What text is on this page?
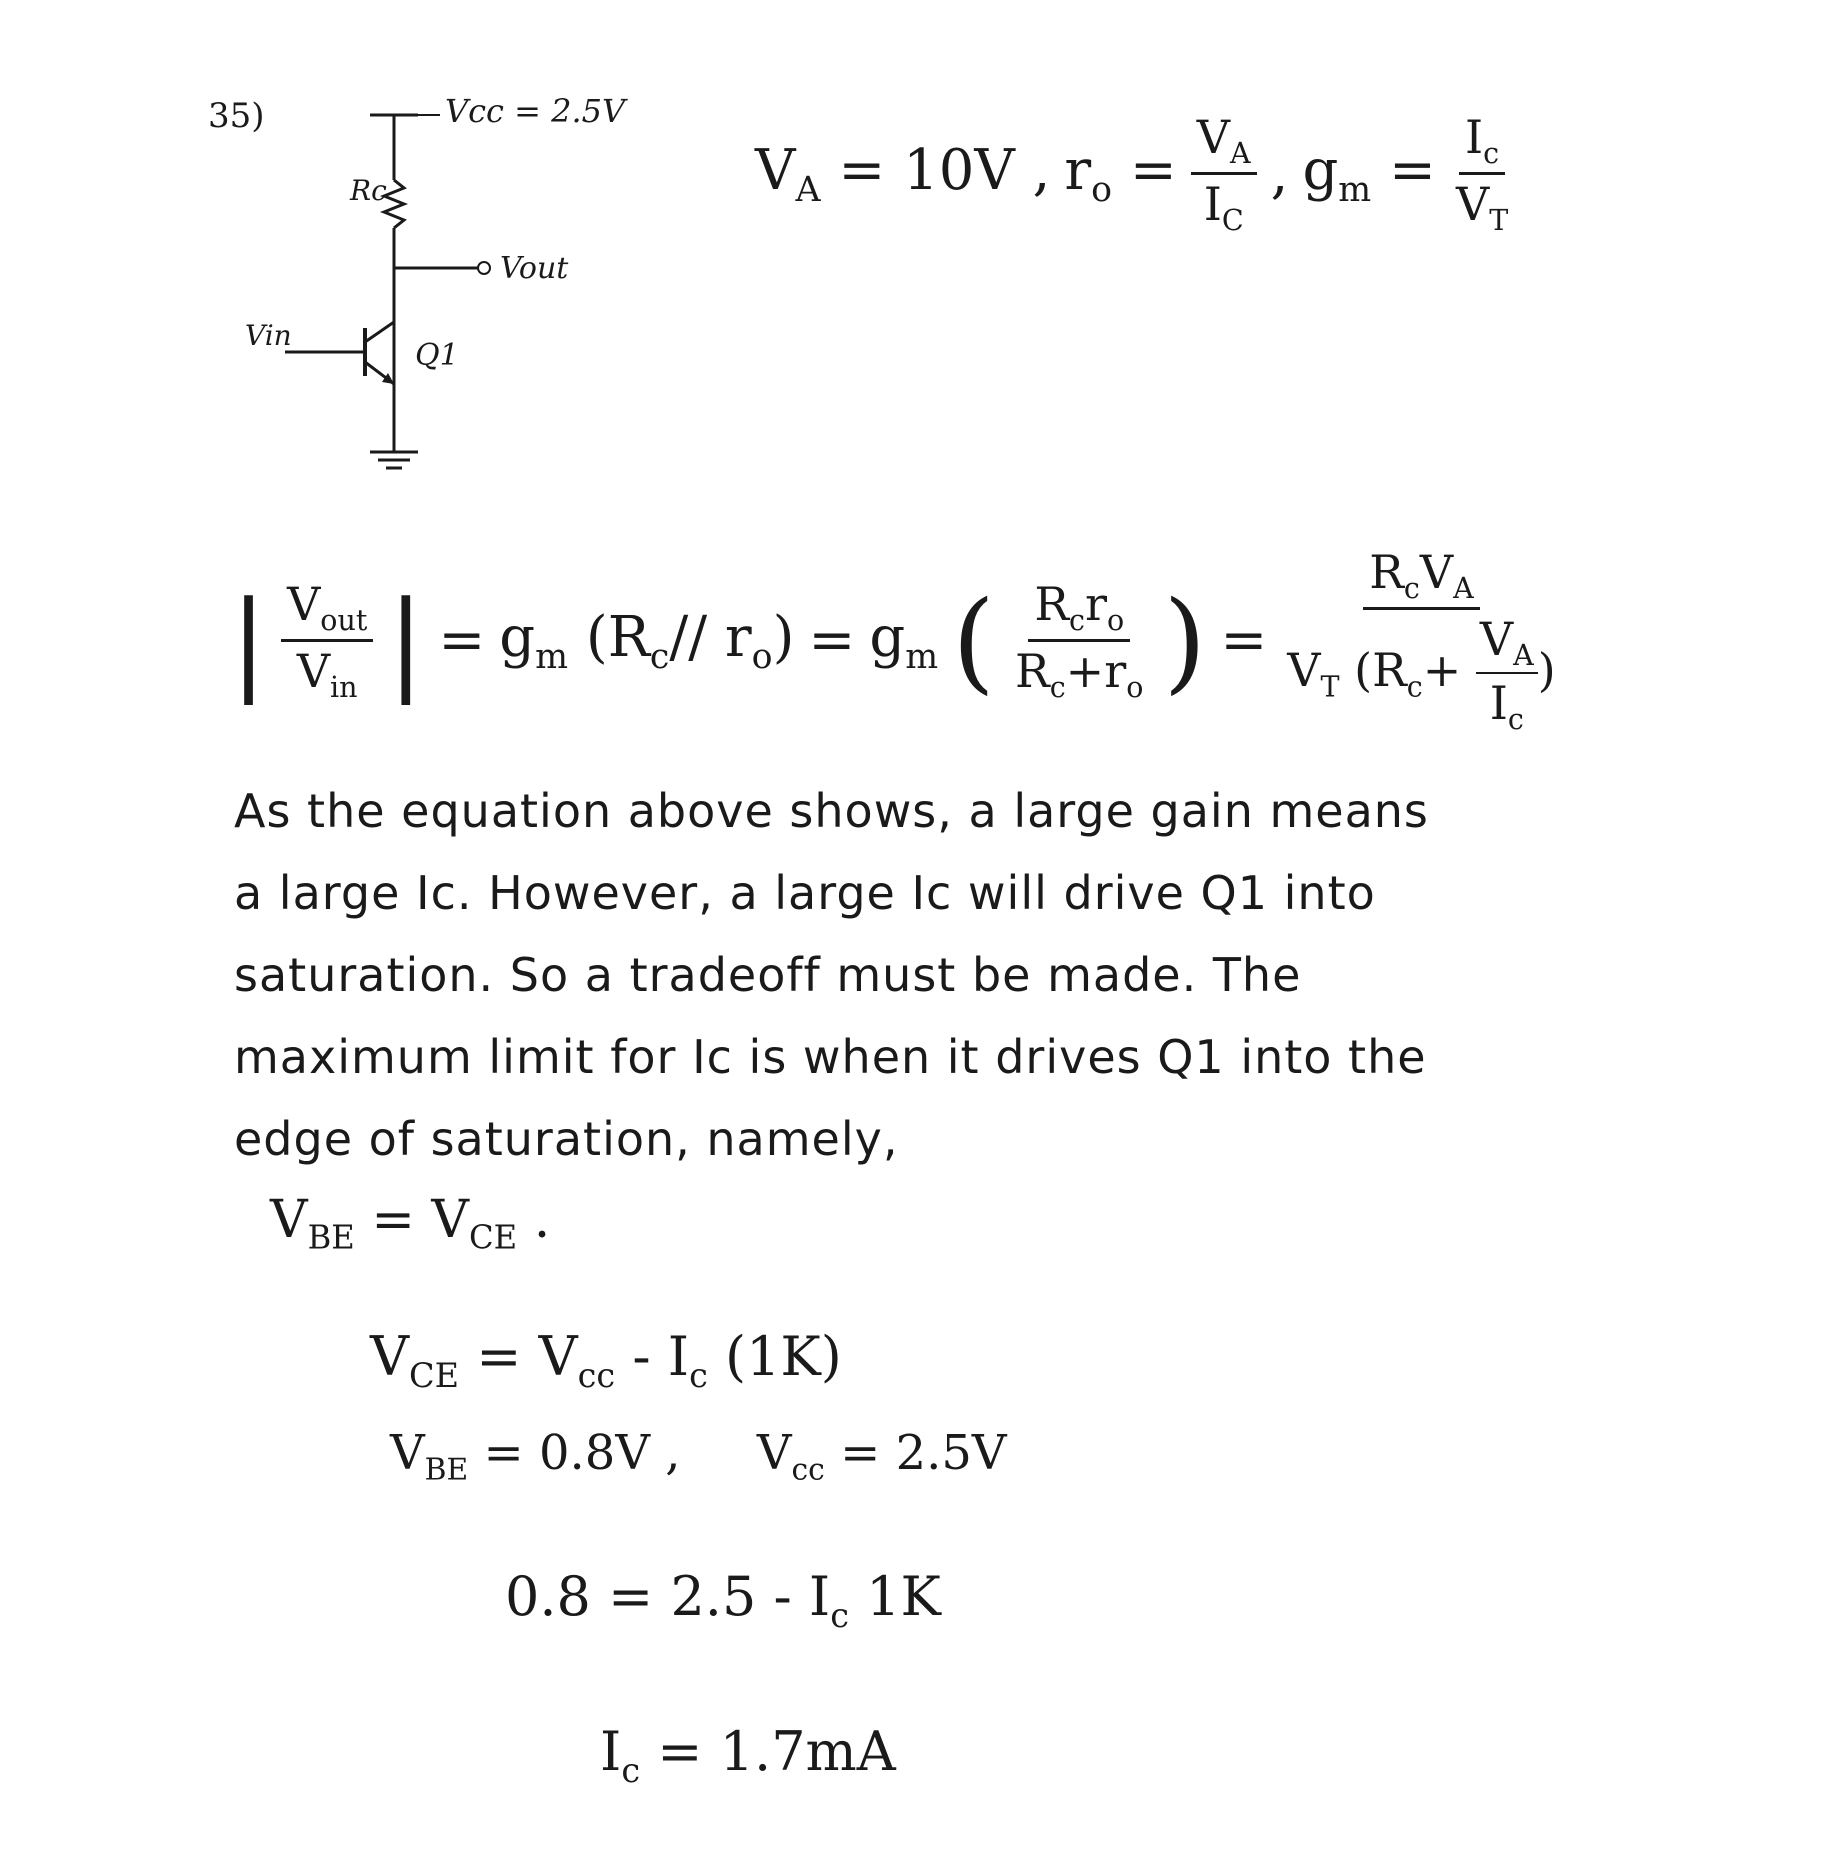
35)	Vcc = 2.5V
Rc
Vout
Vin
Q1
$V_A = 10V$ , $r_o = \frac{V_A}{I_C}$ , $g_m = \frac{I_c}{V_T}$
| $\frac{V_{out}}{V_{in}}$ | = $g_m$ ($R_c//$ $r_o) = g_m$ ( $\frac{R_cr_o}{R_c+r_o}$ ) = $\frac{R_cV_A}{V_T (R_c+ \frac{V_A}{I_c} )}$
As the equation above shows, a large gain means a large Ic. However, a large Ic will drive Q1 into saturation. So a tradeoff must be made. The maximum limit for Ic is when it drives Q1 into the edge of saturation, namely,
$V_{BE} = V_{CE}$ .
$V_{CE} = V_{cc} - I_c$ (1K)
$V_{BE} = 0.8V$ , $V_{cc} = 2.5V$
$0.8 = 2.5 - I_c$ 1K
$I_c = 1.7mA$
